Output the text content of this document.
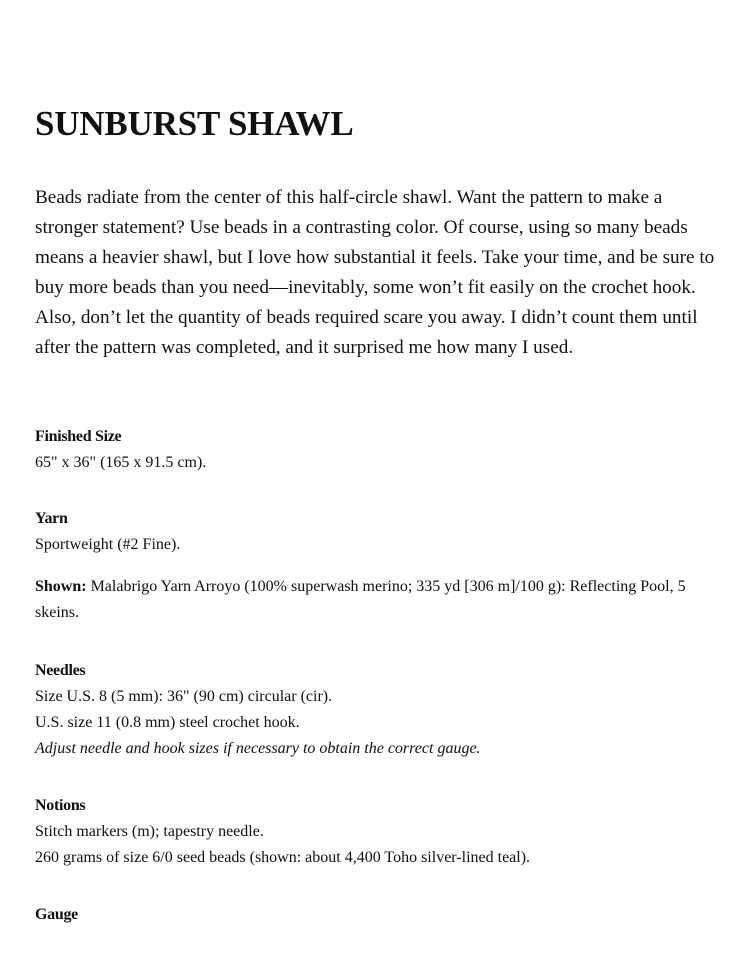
SUNBURST SHAWL

Beads radiate from the center of this half-circle shawl. Want the pattern to make a stronger statement? Use beads in a contrasting color. Of course, using so many beads means a heavier shawl, but I love how substantial it feels. Take your time, and be sure to buy more beads than you need—inevitably, some won’t fit easily on the crochet hook. Also, don’t let the quantity of beads required scare you away. I didn’t count them until after the pattern was completed, and it surprised me how many I used.

Finished Size
65" x 36" (165 x 91.5 cm).
Yarn
Sportweight (#2 Fine).
Shown: Malabrigo Yarn Arroyo (100% superwash merino; 335 yd [306 m]/100 g): Reflecting Pool, 5 skeins.
Needles
Size U.S. 8 (5 mm): 36" (90 cm) circular (cir).
U.S. size 11 (0.8 mm) steel crochet hook.
Adjust needle and hook sizes if necessary to obtain the correct gauge.
Notions
Stitch markers (m); tapestry needle.
260 grams of size 6/0 seed beads (shown: about 4,400 Toho silver-lined teal).
Gauge
